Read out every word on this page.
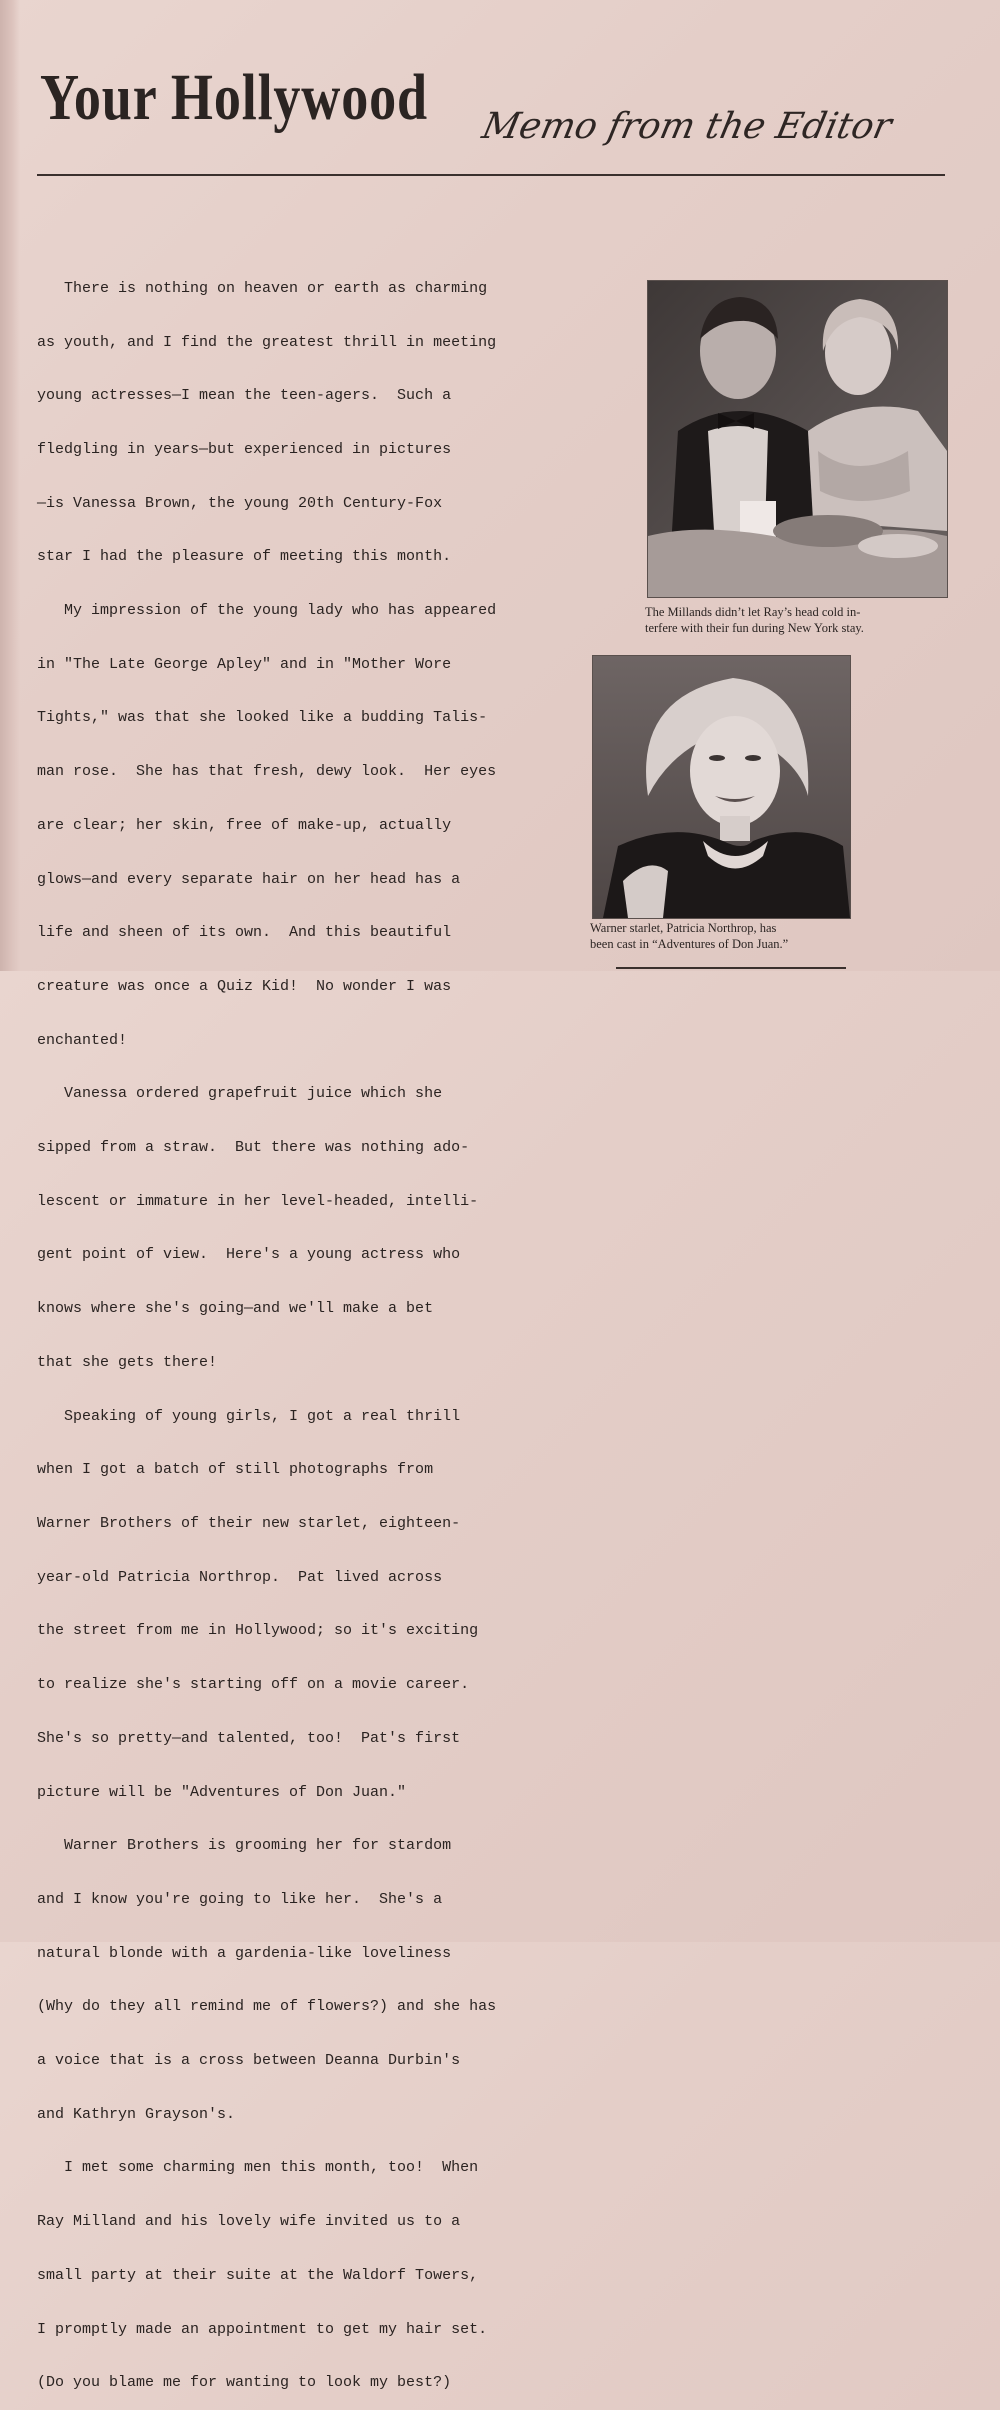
Your Hollywood Memo from the Editor

There is nothing on heaven or earth as charming

as youth, and I find the greatest thrill in meeting

young actresses—I mean the teen-agers.  Such a

fledgling in years—but experienced in pictures

—is Vanessa Brown, the young 20th Century-Fox

star I had the pleasure of meeting this month.

My impression of the young lady who has appeared

in "The Late George Apley" and in "Mother Wore

Tights," was that she looked like a budding Talis-

man rose.  She has that fresh, dewy look.  Her eyes

are clear; her skin, free of make-up, actually

glows—and every separate hair on her head has a

life and sheen of its own.  And this beautiful

creature was once a Quiz Kid!  No wonder I was

enchanted!

Vanessa ordered grapefruit juice which she

sipped from a straw.  But there was nothing ado-

lescent or immature in her level-headed, intelli-

gent point of view.  Here's a young actress who

knows where she's going—and we'll make a bet

that she gets there!

Speaking of young girls, I got a real thrill

when I got a batch of still photographs from

Warner Brothers of their new starlet, eighteen-

year-old Patricia Northrop.  Pat lived across

the street from me in Hollywood; so it's exciting

to realize she's starting off on a movie career.

She's so pretty—and talented, too!  Pat's first

picture will be "Adventures of Don Juan."

Warner Brothers is grooming her for stardom

and I know you're going to like her.  She's a

natural blonde with a gardenia-like loveliness

(Why do they all remind me of flowers?) and she has

a voice that is a cross between Deanna Durbin's

and Kathryn Grayson's.

I met some charming men this month, too!  When

Ray Milland and his lovely wife invited us to a

small party at their suite at the Waldorf Towers,

I promptly made an appointment to get my hair set.

(Do you blame me for wanting to look my best?)

The Millands didn’t let Ray’s head cold in-
terfere with their fun during New York stay.
Warner starlet, Patricia Northrop, has
been cast in “Adventures of Don Juan.”
